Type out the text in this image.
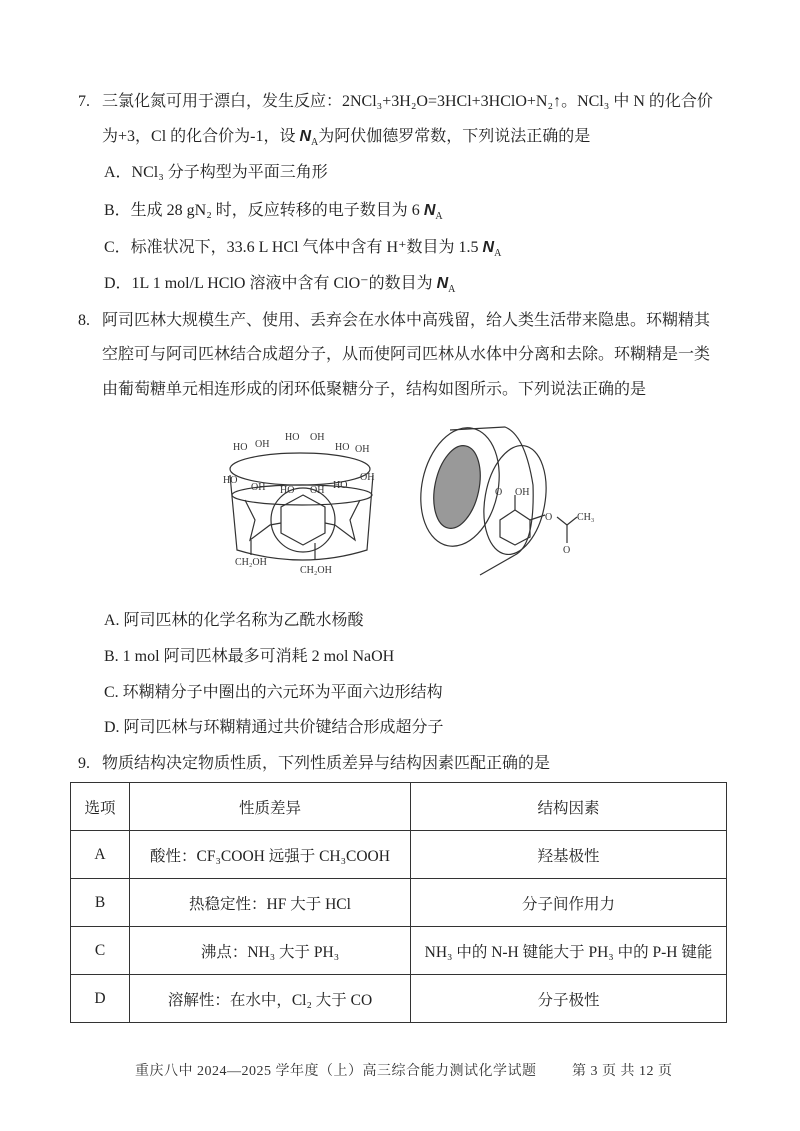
7. 三氯化氮可用于漂白，发生反应：2NCl₃+3H₂O=3HCl+3HClO+N₂↑。NCl₃ 中 N 的化合价
为+3，Cl 的化合价为-1，设 $N_A$为阿伏伽德罗常数，下列说法正确的是
A．NCl₃ 分子构型为平面三角形
B．生成 28 gN₂ 时，反应转移的电子数目为 6 $N_A$
C．标准状况下，33.6 L HCl 气体中含有 H⁺数目为 1.5 $N_A$
D．1L 1 mol/L HClO 溶液中含有 ClO⁻的数目为 $N_A$
8. 阿司匹林大规模生产、使用、丢弃会在水体中高残留，给人类生活带来隐患。环糊精其
空腔可与阿司匹林结合成超分子，从而使阿司匹林从水体中分离和去除。环糊精是一类
由葡萄糖单元相连形成的闭环低聚糖分子，结构如图所示。下列说法正确的是
HO OH
HO OH
HO OH
HO
OH HO OH HO
OH
CH₂OH
CH₂OH
O OH
O CH₃
O
A. 阿司匹林的化学名称为乙酰水杨酸
B. 1 mol 阿司匹林最多可消耗 2 mol NaOH
C. 环糊精分子中圈出的六元环为平面六边形结构
D. 阿司匹林与环糊精通过共价键结合形成超分子
9. 物质结构决定物质性质，下列性质差异与结构因素匹配正确的是
选项	性质差异	结构因素
A	酸性：CF₃COOH 远强于 CH₃COOH	羟基极性
B	热稳定性：HF 大于 HCl	分子间作用力
C	沸点：NH₃ 大于 PH₃	NH₃ 中的 N-H 键能大于 PH₃ 中的 P-H 键能
D	溶解性：在水中，Cl₂ 大于 CO	分子极性
重庆八中 2024—2025 学年度（上）高三综合能力测试化学试题	第 3 页 共 12 页
